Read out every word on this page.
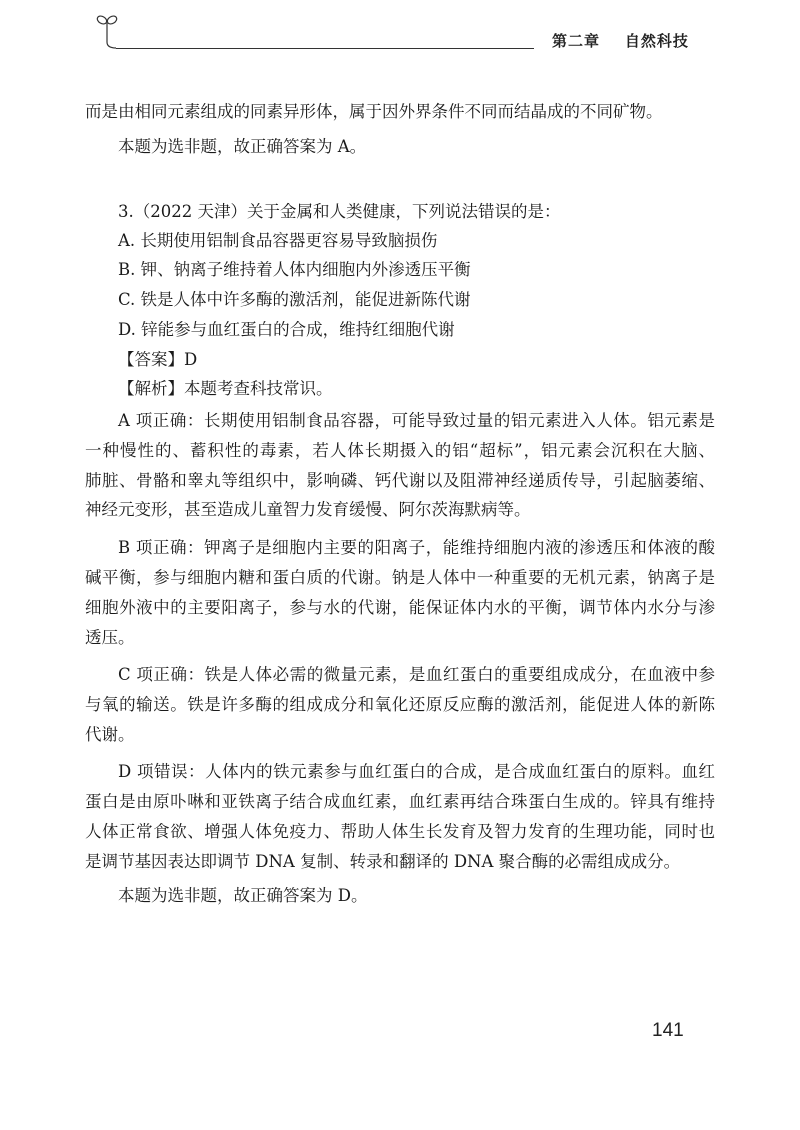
第二章 自然科技
而是由相同元素组成的同素异形体，属于因外界条件不同而结晶成的不同矿物。
本题为选非题，故正确答案为 A。
3.（2022 天津）关于金属和人类健康，下列说法错误的是：
A. 长期使用铝制食品容器更容易导致脑损伤
B. 钾、钠离子维持着人体内细胞内外渗透压平衡
C. 铁是人体中许多酶的激活剂，能促进新陈代谢
D. 锌能参与血红蛋白的合成，维持红细胞代谢
【答案】D
【解析】本题考查科技常识。
A 项正确：长期使用铝制食品容器，可能导致过量的铝元素进入人体。铝元素是
一种慢性的、蓄积性的毒素，若人体长期摄入的铝“超标”，铝元素会沉积在大脑、
肺脏、骨骼和睾丸等组织中，影响磷、钙代谢以及阻滞神经递质传导，引起脑萎缩、
神经元变形，甚至造成儿童智力发育缓慢、阿尔茨海默病等。
B 项正确：钾离子是细胞内主要的阳离子，能维持细胞内液的渗透压和体液的酸
碱平衡，参与细胞内糖和蛋白质的代谢。钠是人体中一种重要的无机元素，钠离子是
细胞外液中的主要阳离子，参与水的代谢，能保证体内水的平衡，调节体内水分与渗
透压。
C 项正确：铁是人体必需的微量元素，是血红蛋白的重要组成成分，在血液中参
与氧的输送。铁是许多酶的组成成分和氧化还原反应酶的激活剂，能促进人体的新陈
代谢。
D 项错误：人体内的铁元素参与血红蛋白的合成，是合成血红蛋白的原料。血红
蛋白是由原卟啉和亚铁离子结合成血红素，血红素再结合珠蛋白生成的。锌具有维持
人体正常食欲、增强人体免疫力、帮助人体生长发育及智力发育的生理功能，同时也
是调节基因表达即调节 DNA 复制、转录和翻译的 DNA 聚合酶的必需组成成分。
本题为选非题，故正确答案为 D。
141
